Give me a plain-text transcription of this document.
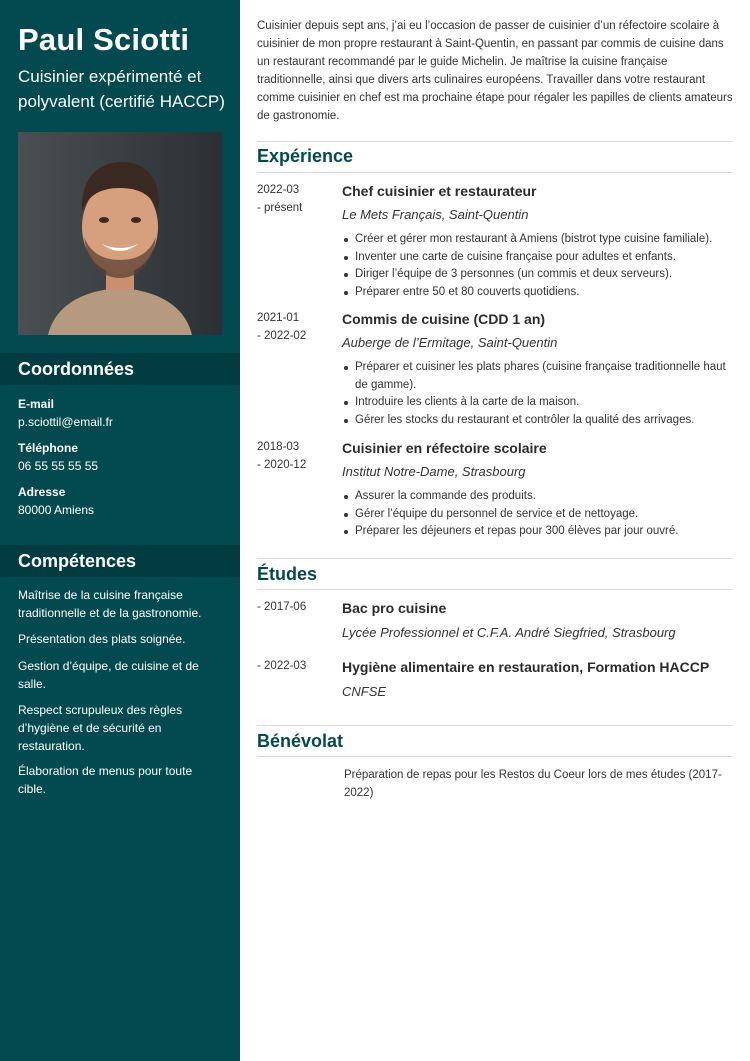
Paul Sciotti
Cuisinier expérimenté et polyvalent (certifié HACCP)
Coordonnées
E-mail
p.sciottil@email.fr
Téléphone
06 55 55 55 55
Adresse
80000 Amiens
Compétences
Maîtrise de la cuisine française traditionnelle et de la gastronomie.
Présentation des plats soignée.
Gestion d’équipe, de cuisine et de salle.
Respect scrupuleux des règles d’hygiène et de sécurité en restauration.
Élaboration de menus pour toute cible.
Cuisinier depuis sept ans, j’ai eu l’occasion de passer de cuisinier d’un réfectoire scolaire à cuisinier de mon propre restaurant à Saint-Quentin, en passant par commis de cuisine dans un restaurant recommandé par le guide Michelin. Je maîtrise la cuisine française traditionnelle, ainsi que divers arts culinaires européens. Travailler dans votre restaurant comme cuisinier en chef est ma prochaine étape pour régaler les papilles de clients amateurs de gastronomie.
Expérience
2022-03
- présent
Chef cuisinier et restaurateur
Le Mets Français, Saint-Quentin
Créer et gérer mon restaurant à Amiens (bistrot type cuisine familiale).
Inventer une carte de cuisine française pour adultes et enfants.
Diriger l’équipe de 3 personnes (un commis et deux serveurs).
Préparer entre 50 et 80 couverts quotidiens.
2021-01
- 2022-02
Commis de cuisine (CDD 1 an)
Auberge de l’Ermitage, Saint-Quentin
Préparer et cuisiner les plats phares (cuisine française traditionnelle haut de gamme).
Introduire les clients à la carte de la maison.
Gérer les stocks du restaurant et contrôler la qualité des arrivages.
2018-03
- 2020-12
Cuisinier en réfectoire scolaire
Institut Notre-Dame, Strasbourg
Assurer la commande des produits.
Gérer l’équipe du personnel de service et de nettoyage.
Préparer les déjeuners et repas pour 300 élèves par jour ouvré.
Études
- 2017-06	Bac pro cuisine
Lycée Professionnel et C.F.A. André Siegfried, Strasbourg
- 2022-03	Hygiène alimentaire en restauration, Formation HACCP
CNFSE
Bénévolat
Préparation de repas pour les Restos du Coeur lors de mes études (2017-2022)
